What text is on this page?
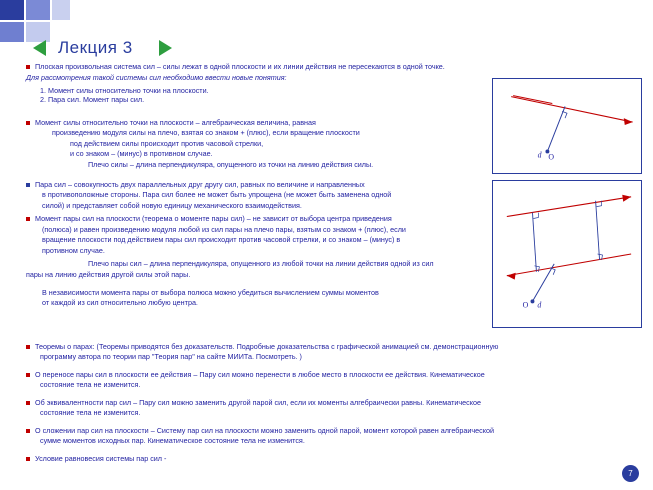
Лекция 3
Плоская произвольная система сил – силы лежат в одной плоскости и их линии действия не пересекаются в одной точке.
Для рассмотрения такой системы сил необходимо ввести новые понятия:
1. Момент силы относительно точки на плоскости.
2. Пара сил. Момент пары сил.
Момент силы относительно точки на плоскости – алгебраическая величина, равная
произведению модуля силы на плечо, взятая со знаком + (плюс), если вращение плоскости
под действием силы происходит против часовой стрелки,
и со знаком – (минус) в противном случае.
Плечо силы – длина перпендикуляра, опущенного из точки на линию действия силы.
Пара сил – совокупность двух параллельных друг другу сил, равных по величине и направленных
в противоположные стороны. Пара сил более не может быть упрощена (не может быть заменена одной
силой) и представляет собой новую единицу механического взаимодействия.
Момент пары сил на плоскости (теорема о моменте пары сил) – не зависит от выбора центра приведения
(полюса) и равен произведению модуля любой из сил пары на плечо пары, взятым со знаком + (плюс), если
вращение плоскости под действием пары сил происходит против часовой стрелки, и со знаком – (минус) в
противном случае.
Плечо пары сил – длина перпендикуляра, опущенного из любой точки на линии действия одной из сил
пары на линию действия другой силы этой пары.
В независимости момента пары от выбора полюса можно убедиться вычислением суммы моментов
от каждой из сил относительно любую центра.
Теоремы о парах: (Теоремы приводятся без доказательств. Подробные доказательства с графической анимацией см. демонстрационную
программу автора по теории пар "Теория пар" на сайте МИИТа. Посмотреть. )
О переносе пары сил в плоскости ее действия – Пару сил можно перенести в любое место в плоскости ее действия. Кинематическое
состояние тела не изменится.
Об эквивалентности пар сил – Пару сил можно заменить другой парой сил, если их моменты алгебраически равны. Кинематическое
состояние тела не изменится.
О сложении пар сил на плоскости – Систему пар сил на плоскости можно заменить одной парой, момент которой равен алгебраической
сумме моментов исходных пар. Кинематическое состояние тела не изменится.
Условие равновесия системы пар сил -
d О
О d
7
